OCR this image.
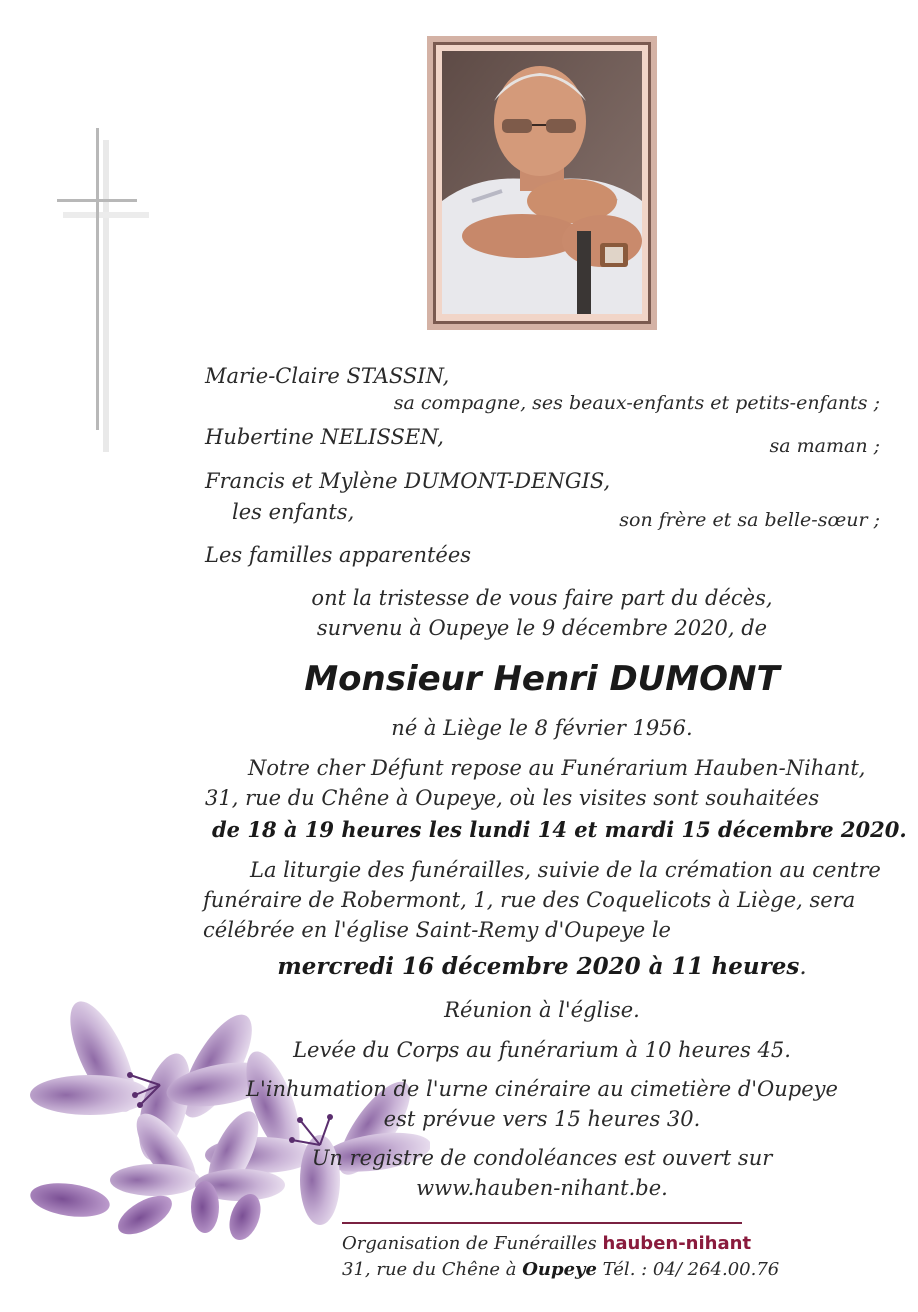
Marie-Claire STASSIN,
sa compagne, ses beaux-enfants et petits-enfants ;
Hubertine NELISSEN,	sa maman ;
Francis et Mylène DUMONT-DENGIS,
les enfants,	son frère et sa belle-sœur ;
Les familles apparentées
ont la tristesse de vous faire part du décès,
survenu à Oupeye le 9 décembre 2020, de
Monsieur Henri DUMONT
né à Liège le 8 février 1956.
Notre cher Défunt repose au Funérarium Hauben-Nihant,
31, rue du Chêne à Oupeye, où les visites sont souhaitées
de 18 à 19 heures les lundi 14 et mardi 15 décembre 2020.
La liturgie des funérailles, suivie de la crémation au centre
funéraire de Robermont, 1, rue des Coquelicots à Liège, sera
célébrée en l'église Saint-Remy d'Oupeye le
mercredi 16 décembre 2020 à 11 heures.
Réunion à l'église.
Levée du Corps au funérarium à 10 heures 45.
L'inhumation de l'urne cinéraire au cimetière d'Oupeye
est prévue vers 15 heures 30.
Un registre de condoléances est ouvert sur
www.hauben-nihant.be.
Organisation de Funérailles hauben-nihant
31, rue du Chêne à Oupeye Tél. : 04/ 264.00.76
